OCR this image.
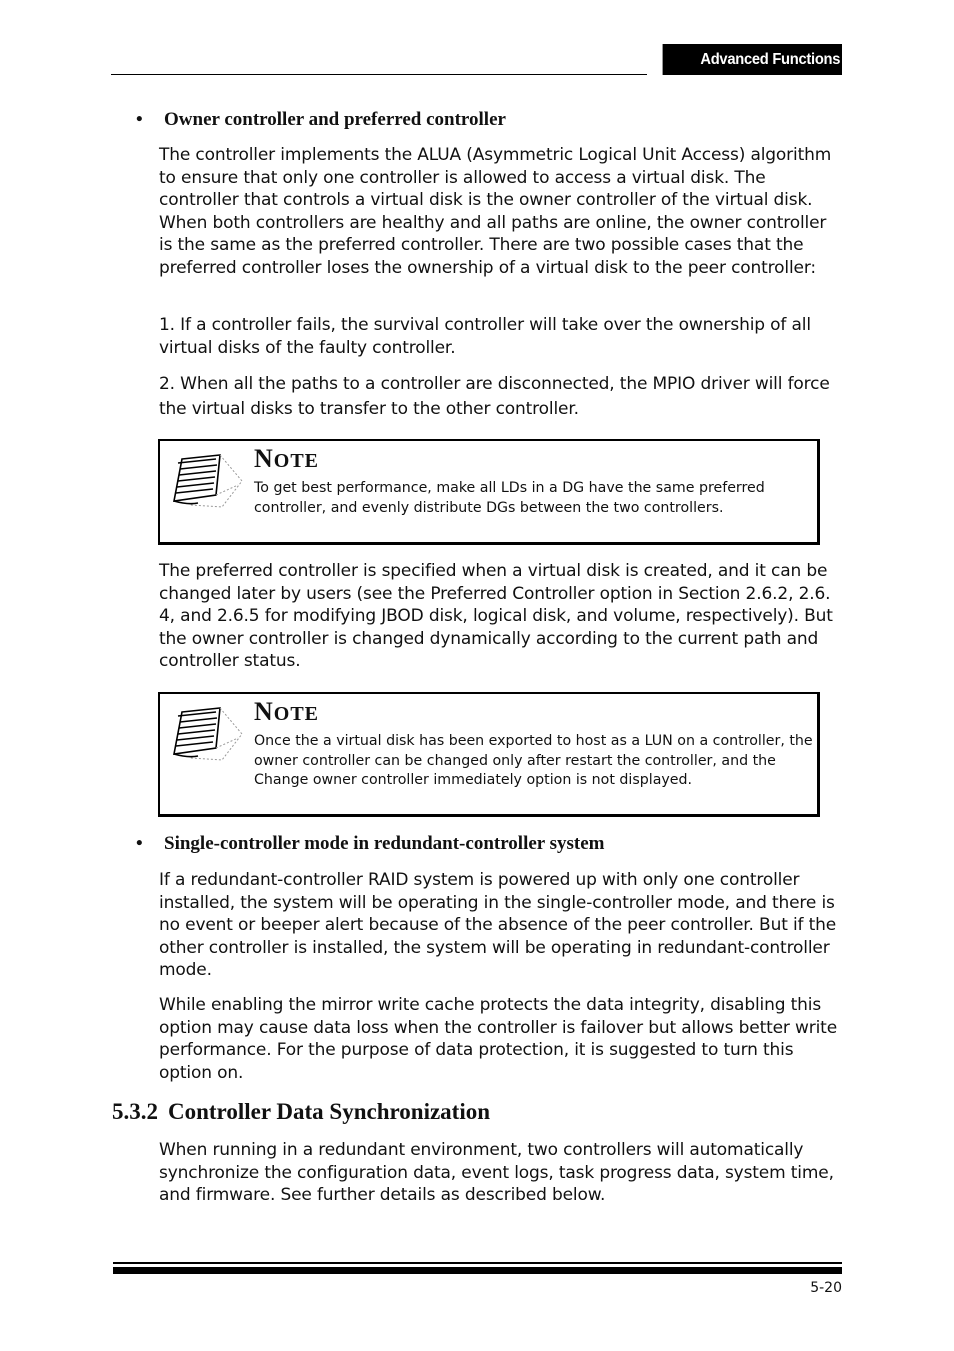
Advanced Functions
• Owner controller and preferred controller

The controller implements the ALUA (Asymmetric Logical Unit Access) algorithm to ensure that only one controller is allowed to access a virtual disk. The controller that controls a virtual disk is the owner controller of the virtual disk. When both controllers are healthy and all paths are online, the owner controller is the same as the preferred controller. There are two possible cases that the preferred controller loses the ownership of a virtual disk to the peer controller:

1. If a controller fails, the survival controller will take over the ownership of all virtual disks of the faulty controller.

2. When all the paths to a controller are disconnected, the MPIO driver will force the virtual disks to transfer to the other controller.

NOTE
To get best performance, make all LDs in a DG have the same preferred controller, and evenly distribute DGs between the two controllers.

The preferred controller is specified when a virtual disk is created, and it can be changed later by users (see the Preferred Controller option in Section 2.6.2, 2.6. 4, and 2.6.5 for modifying JBOD disk, logical disk, and volume, respectively). But the owner controller is changed dynamically according to the current path and controller status.

NOTE
Once the a virtual disk has been exported to host as a LUN on a controller, the owner controller can be changed only after restart the controller, and the Change owner controller immediately option is not displayed.
• Single-controller mode in redundant-controller system

If a redundant-controller RAID system is powered up with only one controller installed, the system will be operating in the single-controller mode, and there is no event or beeper alert because of the absence of the peer controller. But if the other controller is installed, the system will be operating in redundant-controller mode.

While enabling the mirror write cache protects the data integrity, disabling this option may cause data loss when the controller is failover but allows better write performance. For the purpose of data protection, it is suggested to turn this option on.

5.3.2 Controller Data Synchronization

When running in a redundant environment, two controllers will automatically synchronize the configuration data, event logs, task progress data, system time, and firmware. See further details as described below.

5-20
